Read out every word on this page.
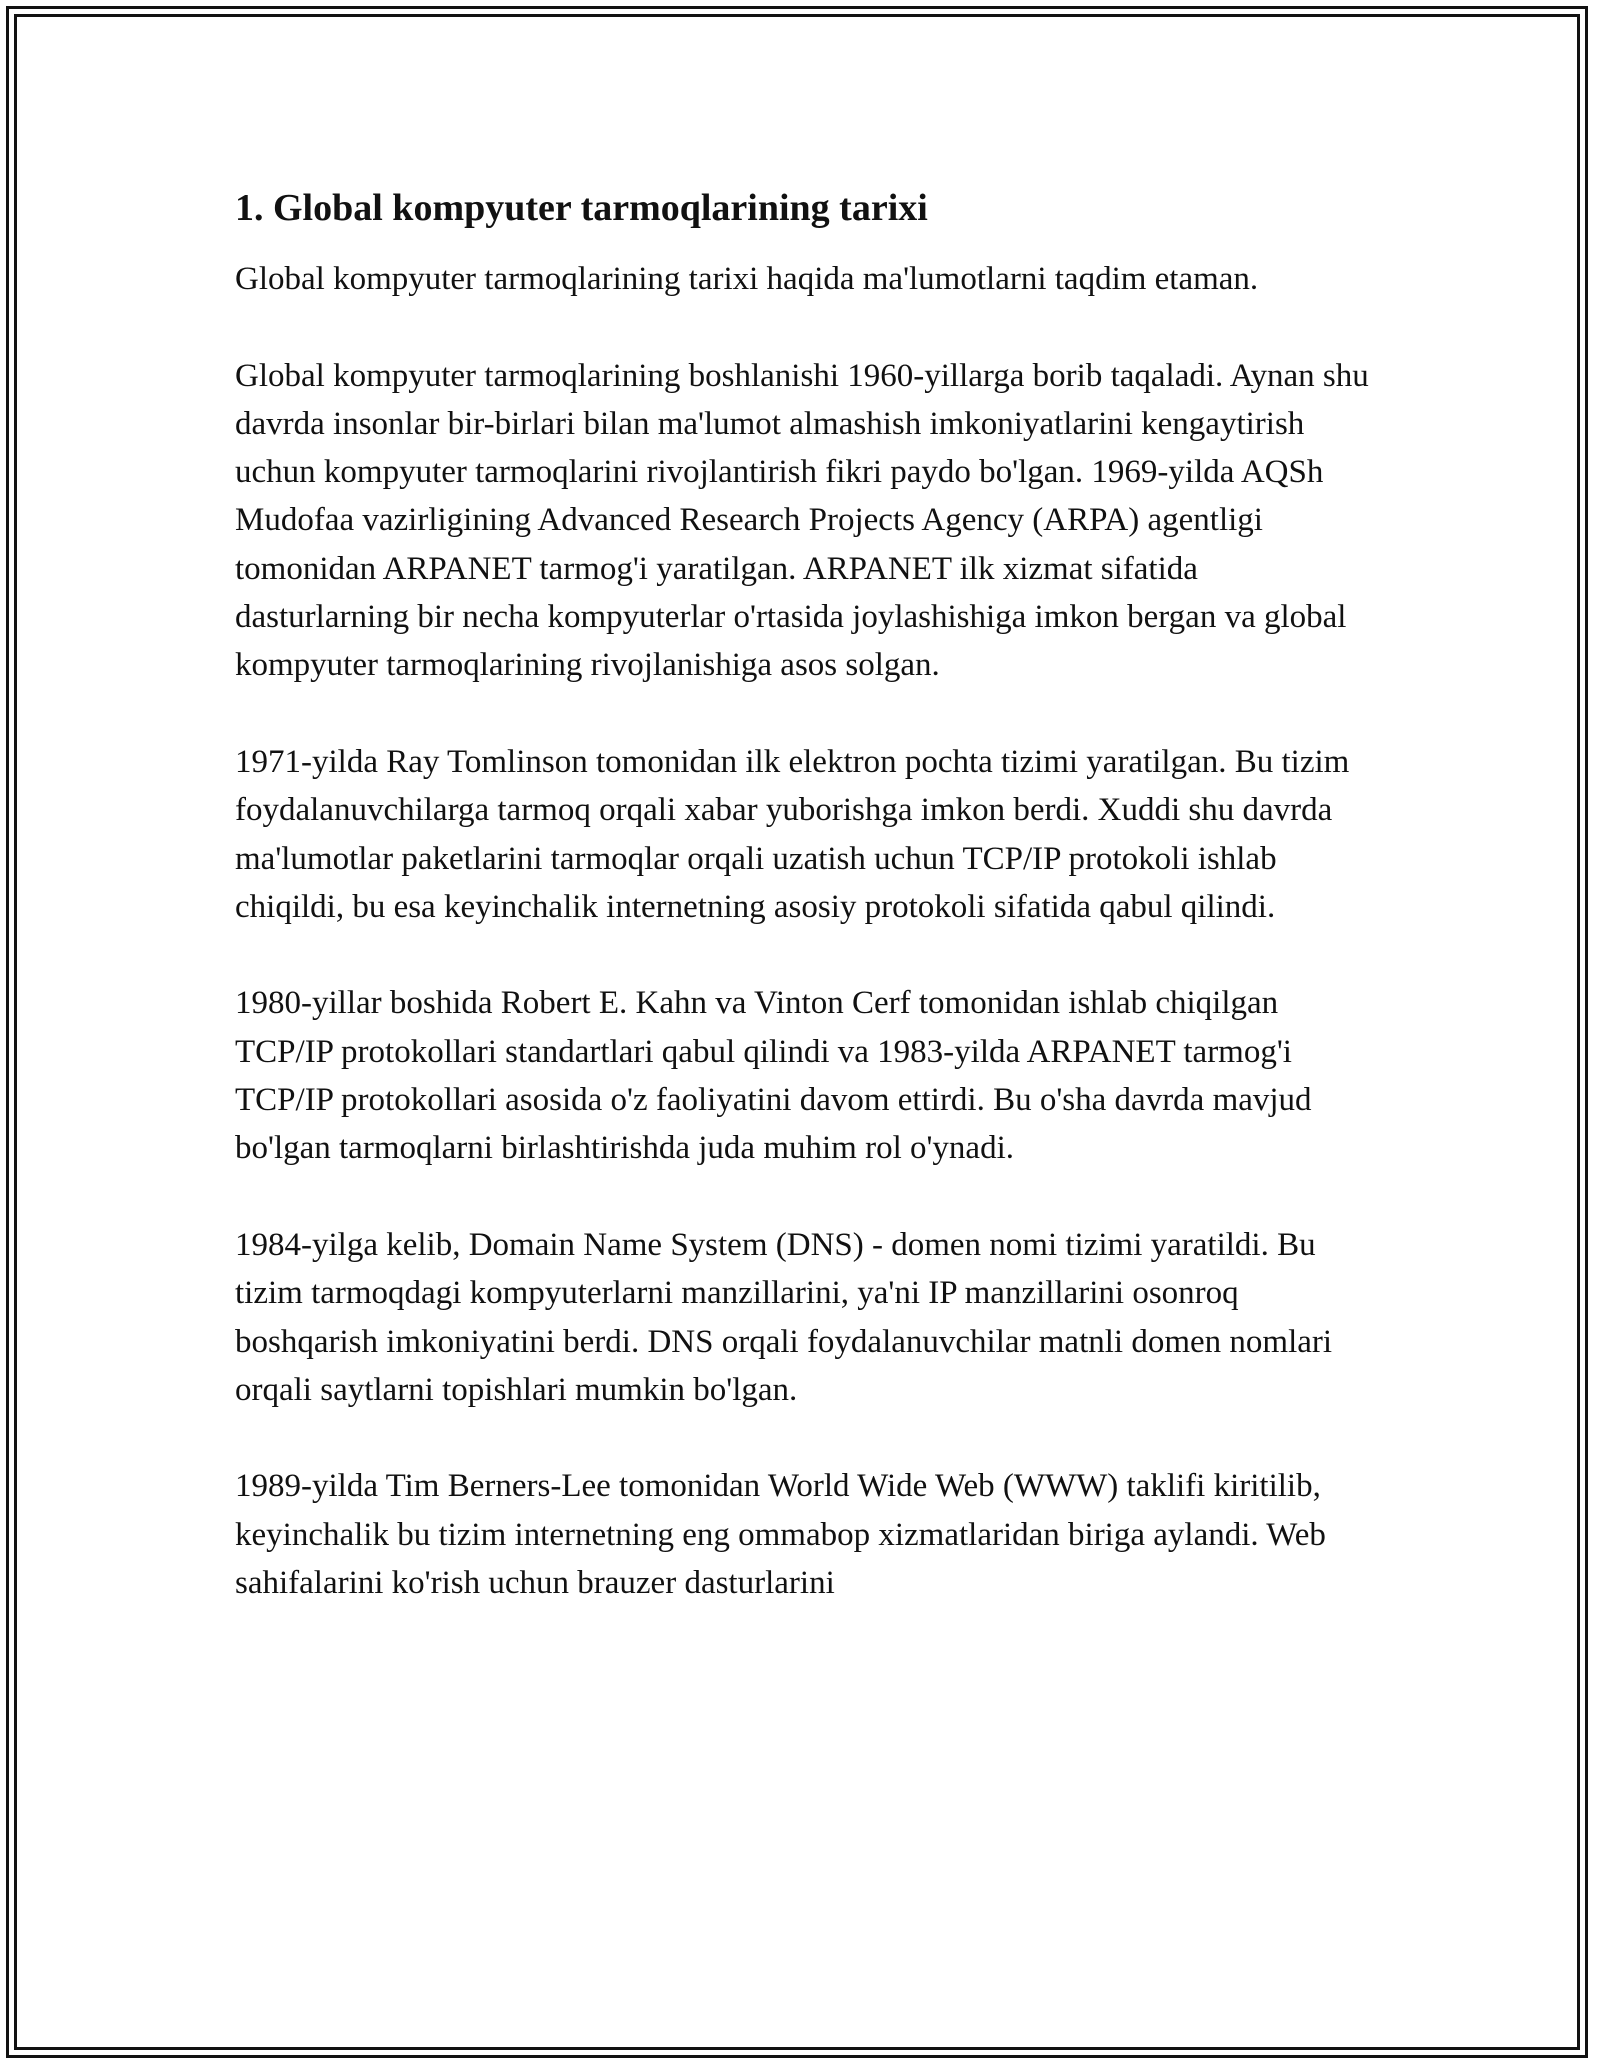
1. Global kompyuter tarmoqlarining tarixi

Global kompyuter tarmoqlarining tarixi haqida ma'lumotlarni taqdim etaman.

Global kompyuter tarmoqlarining boshlanishi 1960-yillarga borib taqaladi. Aynan shu davrda insonlar bir-birlari bilan ma'lumot almashish imkoniyatlarini kengaytirish uchun kompyuter tarmoqlarini rivojlantirish fikri paydo bo'lgan. 1969-yilda AQSh Mudofaa vazirligining Advanced Research Projects Agency (ARPA) agentligi tomonidan ARPANET tarmog'i yaratilgan. ARPANET ilk xizmat sifatida dasturlarning bir necha kompyuterlar o'rtasida joylashishiga imkon bergan va global kompyuter tarmoqlarining rivojlanishiga asos solgan.

1971-yilda Ray Tomlinson tomonidan ilk elektron pochta tizimi yaratilgan. Bu tizim foydalanuvchilarga tarmoq orqali xabar yuborishga imkon berdi. Xuddi shu davrda ma'lumotlar paketlarini tarmoqlar orqali uzatish uchun TCP/IP protokoli ishlab chiqildi, bu esa keyinchalik internetning asosiy protokoli sifatida qabul qilindi.

1980-yillar boshida Robert E. Kahn va Vinton Cerf tomonidan ishlab chiqilgan TCP/IP protokollari standartlari qabul qilindi va 1983-yilda ARPANET tarmog'i TCP/IP protokollari asosida o'z faoliyatini davom ettirdi. Bu o'sha davrda mavjud bo'lgan tarmoqlarni birlashtirishda juda muhim rol o'ynadi.

1984-yilga kelib, Domain Name System (DNS) - domen nomi tizimi yaratildi. Bu tizim tarmoqdagi kompyuterlarni manzillarini, ya'ni IP manzillarini osonroq boshqarish imkoniyatini berdi. DNS orqali foydalanuvchilar matnli domen nomlari orqali saytlarni topishlari mumkin bo'lgan.

1989-yilda Tim Berners-Lee tomonidan World Wide Web (WWW) taklifi kiritilib, keyinchalik bu tizim internetning eng ommabop xizmatlaridan biriga aylandi. Web sahifalarini ko'rish uchun brauzer dasturlarini
